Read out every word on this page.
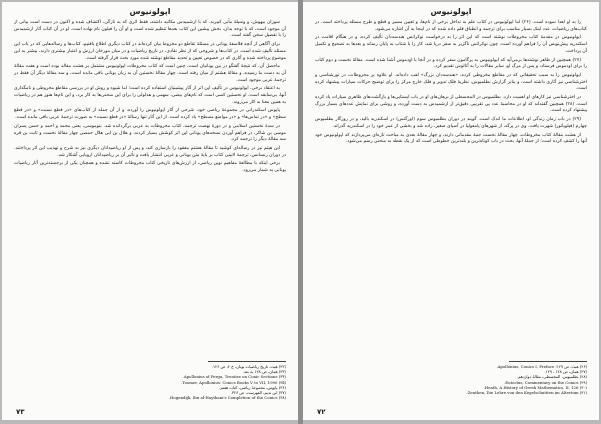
اپولونیوس

سوزان بیهوش، و وسیلهٔ مأنی کبیرند. که با ارشمیدس مکاتبه داشته، فقط اثری که به تازگی، اکتشاف شده و اکنون در دست است بیانی از آن موجود است، که با توجه بدان، بخش پیشین این کتاب بعدها تنظیم شده است و او آن را فیلون نام نهاده است. او در آن کتاب آثار ارشمیدس را با تفصیل سخن گفته است.

برای آگاهی از آنچه فلاسفهٔ یونانی در مسئلهٔ تقاطع دو مخروط بیان کرده‌اند در کتاب دیگری اطلاع یافتیم، کتاب‌ها و رساله‌هایی که در باب این مسئله تألیف شده است. در کتاب‌ها و شروحی که از نظر نقادی، در تاریخ ریاضیات و در میان مورخان ارزش و اعتبار بیشتری دارند، بیشتر به این موضوع پرداخته شده و آثاری که در خصوص تعیین و تحدید مقاطع نوشته شده مورد بحث قرار گرفته است.

ماحصل آن، که نتیجهٔ گفتگو در بین یونانیان است، چنین است که کتاب مخروطات اپولونیوس مشتمل بر هشت مقاله بوده است و هفت مقالهٔ آن به دست ما رسیده، و مقالهٔ هشتم از میان رفته است. چهار مقالهٔ نخستین آن به زبان یونانی باقی مانده است، و سه مقالهٔ دیگر آن فقط در ترجمهٔ عربی موجود است.

به اعتقاد برخی، اپولونیوس در تألیف این اثر از آثار پیشینیان استفاده کرده است؛ اما شیوه و روش او در بررسی مقاطع مخروطی و نامگذاری آنها، بی‌سابقه است. او نخستین کسی است که نام‌های بیضی، سهمی و هذلولی را برای این منحنی‌ها به کار برد، و این نام‌ها هنوز هم در ریاضیات به همین معنا به کار می‌روند.

پاپوس اسکندرانی در مجموعهٔ ریاضی خود، شرحی از آثار اپولونیوس را آورده، و از آن جمله از کتاب‌های «در قطع نسبت» و «در قطع سطح» و «در تماس‌ها» و «در مواضع مسطح» یاد کرده است. از این آثار تنها رسالهٔ «در قطع نسبت» به صورت ترجمهٔ عربی باقی مانده است.

در سدهٔ نخستین اسلامی و در دورهٔ نهضت ترجمه، کتاب مخروطات به عربی برگردانده شد. بنوموسی، یعنی محمد و احمد و حسن پسران موسی بن شاکر، در فراهم آوردن نسخه‌های یونانی این اثر کوشش بسیار کردند، و هلال بن ابی هلال حمصی چهار مقالهٔ نخست و ثابت بن قره سه مقالهٔ دیگر را ترجمه کرد.

ابن هیثم نیز در رساله‌ای کوشید تا مقالهٔ هشتم مفقود را بازسازی کند، و پس از او ریاضیدانان دیگری نیز به شرح و تهذیب این اثر پرداختند. در دوران رنسانس، ترجمهٔ لاتینی کتاب بر پایهٔ متن یونانی و عربی انتشار یافت و تأثیر آن بر ریاضیدانان اروپایی آشکار شد.

برخی اینکه با مطالعهٔ مفاهیم نوین ریاضی، از ارزش‌های تاریخی کتاب مخروطات کاسته نشده و همچنان یکی از برجسته‌ترین آثار ریاضیات یونانی به شمار می‌رود.

(۳۲) هیث، تاریخ ریاضیات یونان، ج ۲، ص ۱۲۶.
(۳۳) همان، ص ۱۲۸ به بعد.
(۳۴) Apollonius of Perga, Treatise on Conic Sections.
(۳۵) Toomer, Apollonius: Conics Books V to VII, 1990.
(۳۶) پاپوس، مجموعهٔ ریاضی، کتاب هفتم.
(۳۷) ابن ندیم، الفهرست، ص ۳۲۶.
(۳۸) Hogendijk, Ibn al-Haytham's Completion of the Conics.
۷۳
اپولونیوس

را به او اهدا نموده است. (۲۶) اما اپولونیوس در کتاب علم به تداخل برخی از نام‌ها، و تعیین مسیر و قطع و طرح مسئله پرداخته است. در کتاب‌های ریاضیات، عدد اینک بسیار مناسب برای ترجمه و انطباق قلم داده شده که در اینجا به آن اشاره می‌شود.

اپولونیوس در مقدمهٔ کتاب مخروطات نوشته است که این اثر را به درخواست نوکراتس هندسه‌دان تألیف کرده، و در هنگام اقامت در اسکندریه پیش‌نویس آن را فراهم آورده است. چون نوکراتس ناگزیر به سفر دریا شد، کار را با شتاب به پایان رساند و بعدها به تصحیح و تکمیل آن پرداخت.

(۲۷) همچنین از ظاهر نوشته‌ها برمی‌آید که اپولونیوس به پرگامون سفر کرده و در آنجا با اودموس آشنا شده است. مقالهٔ نخست و دوم کتاب را برای اودموس فرستاد، و پس از مرگ او، سایر مقالات را به آتالوس تقدیم کرد.

اپولونیوس را به سبب تحقیقاتی که در مقاطع مخروطی کرده، «هندسه‌دان بزرگ» لقب داده‌اند. او علاوه بر مخروطات، در نورشناسی و اخترشناسی نیز آثاری داشته است، و بنابر گزارش بطلمیوس، نظریهٔ فلک تدویر و فلک خارج مرکز را برای توضیح حرکات سیارات پیشنهاد کرده است.

در اخترشناسی نیز کارهای او اهمیت دارد. بطلمیوس در المجسطی از برهان‌های او در باب ایستایی‌ها و بازگشت‌های ظاهری سیارات یاد کرده است. (۲۸) همچنین گفته‌اند که او در محاسبهٔ عدد پی تقریبی دقیق‌تر از ارشمیدس به دست آورده، و روشی برای نمایش عددهای بسیار بزرگ پیشنهاد کرده است.

(۲۹) در باب زمان زندگی او، اطلاعات ما اندک است. گویند در دوران بطلمیوس سوم (اورگتس) در اسکندریه بالید، و در روزگار بطلمیوس چهارم (فیلوپاتور) شهرت یافت. وی در پرگه، از شهرهای پامفولیا در آسیای صغیر، زاده شد و بخشی از عمر خود را در اسکندریه گذراند.

از هشت مقالهٔ کتاب مخروطات، چهار مقالهٔ نخست جنبهٔ مقدماتی دارند، و چهار مقالهٔ بعدی به مباحث تازه‌ای می‌پردازند که اپولونیوس خود آنها را کشف کرده است؛ از جملهٔ آنها، بحث در باب کوتاه‌ترین و بلندترین خطوطی است که از یک نقطه به منحنی رسم می‌شود.

(۲۶) هیث، ص ۱۲۷؛ Apollonius, Conics I, Preface.
(۲۷) همان، ص ۱۲۸ ـ ۱۲۹.
(۲۸) بطلمیوس، المجسطی، مقالهٔ دوازدهم.
(۲۹) Eutocius, Commentary on the Conics.
(۳۰) Heath, A History of Greek Mathematics, II, 126.
(۳۱) Zeuthen, Die Lehre von den Kegelschnitten im Altertum.
۷۲
